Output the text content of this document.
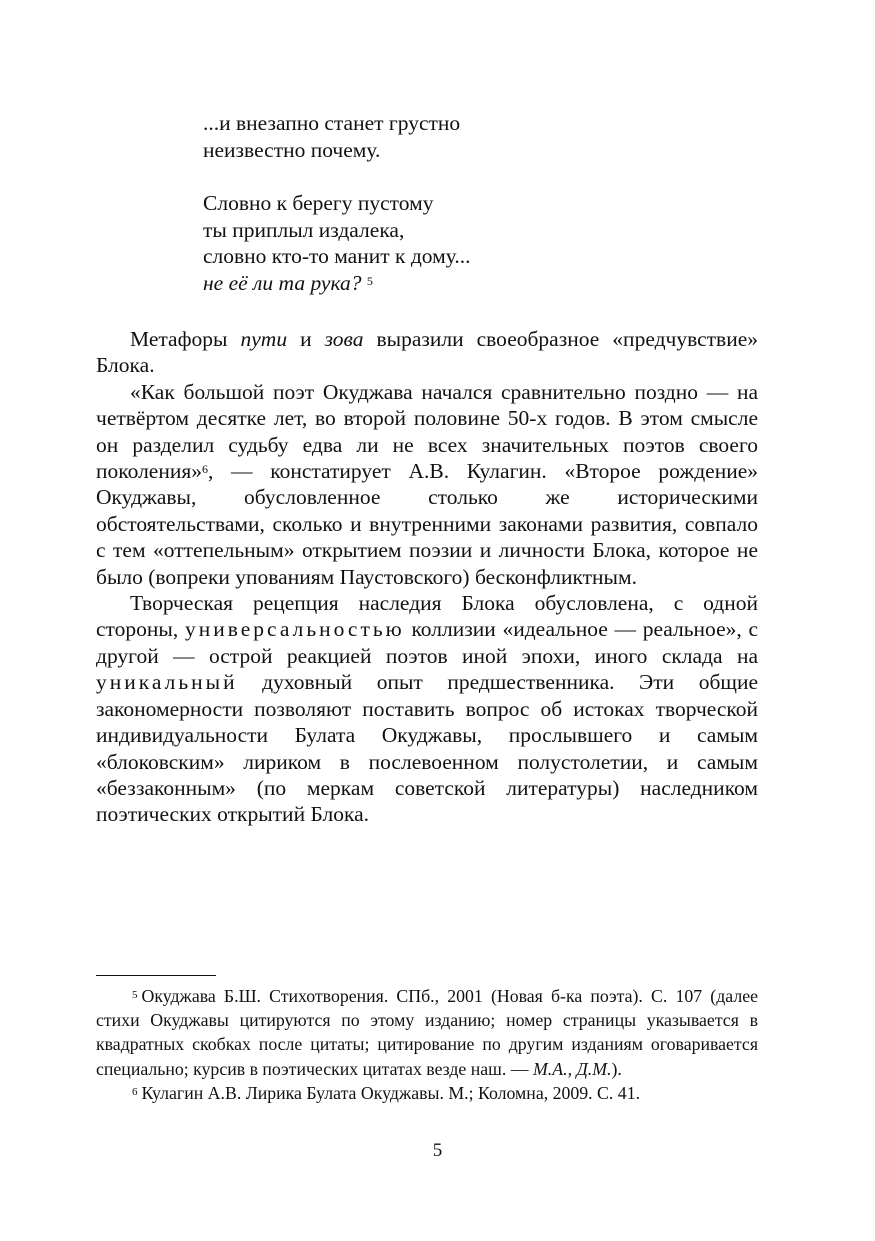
...и внезапно станет грустно
неизвестно почему.
Словно к берегу пустому
ты приплыл издалека,
словно кто-то манит к дому...
не её ли та рука? $^5$

Метафоры пути и зова выразили своеобразное «предчувствие» Блока.

«Как большой поэт Окуджава начался сравнительно поздно — на четвёртом десятке лет, во второй половине 50-х годов. В этом смысле он разделил судьбу едва ли не всех значительных поэтов своего поколения»$^6$, — констатирует А.В. Кулагин. «Второе рождение» Окуджавы, обусловленное столько же историческими обстоятельствами, сколько и внутренними законами развития, совпало с тем «оттепельным» открытием поэзии и личности Блока, которое не было (вопреки упованиям Паустовского) бесконфликтным.

Творческая рецепция наследия Блока обусловлена, с одной стороны, универсальностью коллизии «идеальное — реальное», с другой — острой реакцией поэтов иной эпохи, иного склада на уникальный духовный опыт предшественника. Эти общие закономерности позволяют поставить вопрос об истоках творческой индивидуальности Булата Окуджавы, прослывшего и самым «блоковским» лириком в послевоенном полустолетии, и самым «беззаконным» (по меркам советской литературы) наследником поэтических открытий Блока.

$^5$ Окуджава Б.Ш. Стихотворения. СПб., 2001 (Новая б-ка поэта). С. 107 (далее стихи Окуджавы цитируются по этому изданию; номер страницы указывается в квадратных скобках после цитаты; цитирование по другим изданиям оговаривается специально; курсив в поэтических цитатах везде наш. — М.А., Д.М.).

$^6$ Кулагин А.В. Лирика Булата Окуджавы. М.; Коломна, 2009. С. 41.

5
